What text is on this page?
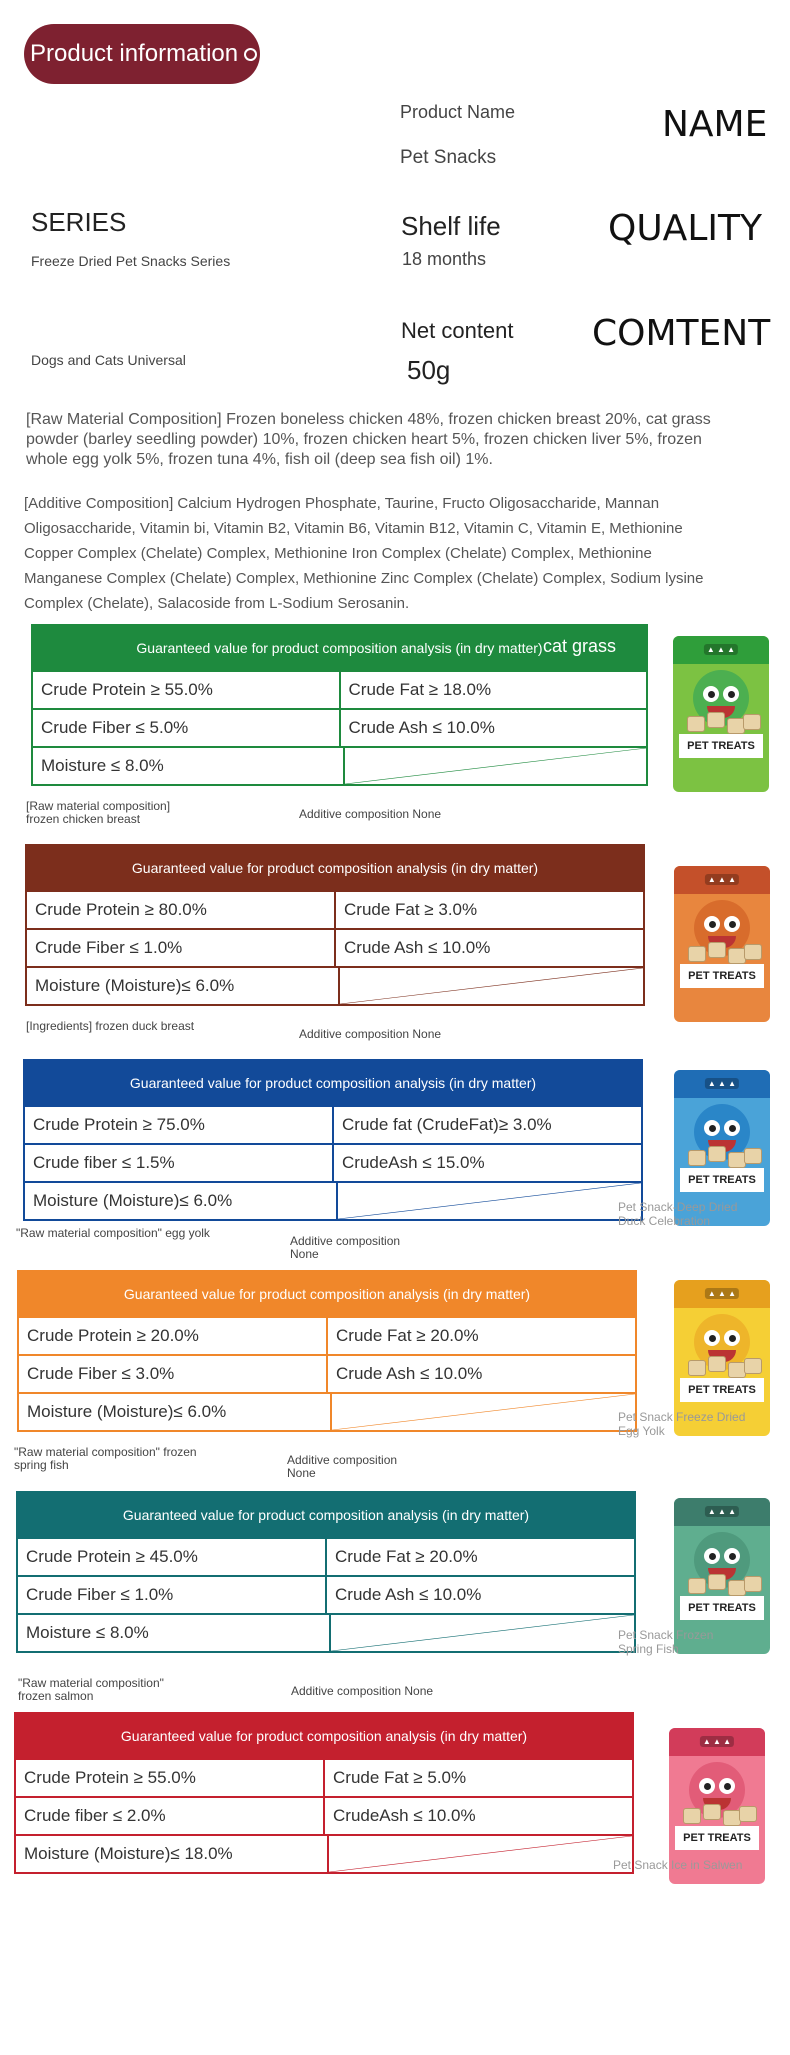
Product information
Product Name
Pet Snacks
NAME
SERIES
Freeze Dried Pet Snacks Series
Shelf life
18 months
QUALITY
Dogs and Cats Universal
Net content
50g
COMTENT
[Raw Material Composition] Frozen boneless chicken 48%, frozen chicken breast 20%, cat grass powder (barley seedling powder) 10%, frozen chicken heart 5%, frozen chicken liver 5%, frozen whole egg yolk 5%, frozen tuna 4%, fish oil (deep sea fish oil) 1%.
[Additive Composition] Calcium Hydrogen Phosphate, Taurine, Fructo Oligosaccharide, Mannan Oligosaccharide, Vitamin bi, Vitamin B2, Vitamin B6, Vitamin B12, Vitamin C, Vitamin E, Methionine Copper Complex (Chelate) Complex, Methionine Iron Complex (Chelate) Complex, Methionine Manganese Complex (Chelate) Complex, Methionine Zinc Complex (Chelate) Complex, Sodium lysine Complex (Chelate), Salacoside from L-Sodium Serosanin.
Guaranteed value for product composition analysis (in dry matter) cat grass
Crude Protein ≥ 55.0%	Crude Fat ≥ 18.0%
Crude Fiber ≤ 5.0%	Crude Ash ≤ 10.0%
Moisture ≤ 8.0%
[Raw material composition]
frozen chicken breast	Additive composition None
▲ ▲ ▲
PET TREATS
Guaranteed value for product composition analysis (in dry matter)
Crude Protein ≥ 80.0%	Crude Fat ≥ 3.0%
Crude Fiber ≤ 1.0%	Crude Ash ≤ 10.0%
Moisture (Moisture)≤ 6.0%
[Ingredients] frozen duck breast
Additive composition None
▲ ▲ ▲
PET TREATS
Guaranteed value for product composition analysis (in dry matter)
Crude Protein ≥ 75.0%	Crude fat (CrudeFat)≥ 3.0%
Crude fiber ≤ 1.5%	CrudeAsh ≤ 15.0%
Moisture (Moisture)≤ 6.0%
"Raw material composition" egg yolk
Additive composition
None
▲ ▲ ▲
PET TREATS
Pet Snack-Deep Dried Duck Celebration
Guaranteed value for product composition analysis (in dry matter)
Crude Protein ≥ 20.0%	Crude Fat ≥ 20.0%
Crude Fiber ≤ 3.0%	Crude Ash ≤ 10.0%
Moisture (Moisture)≤ 6.0%
"Raw material composition" frozen
spring fish	Additive composition
None
▲ ▲ ▲
PET TREATS
Pet Snack Freeze Dried Egg Yolk
Guaranteed value for product composition analysis (in dry matter)
Crude Protein ≥ 45.0%	Crude Fat ≥ 20.0%
Crude Fiber ≤ 1.0%	Crude Ash ≤ 10.0%
Moisture ≤ 8.0%
"Raw material composition"
frozen salmon	Additive composition None
▲ ▲ ▲
PET TREATS
Pet Snack Frozen Spring Fish
Guaranteed value for product composition analysis (in dry matter)
Crude Protein ≥ 55.0%	Crude Fat ≥ 5.0%
Crude fiber ≤ 2.0%	CrudeAsh ≤ 10.0%
Moisture (Moisture)≤ 18.0%
▲ ▲ ▲
PET TREATS
Pet Snack Ice in Salwen
